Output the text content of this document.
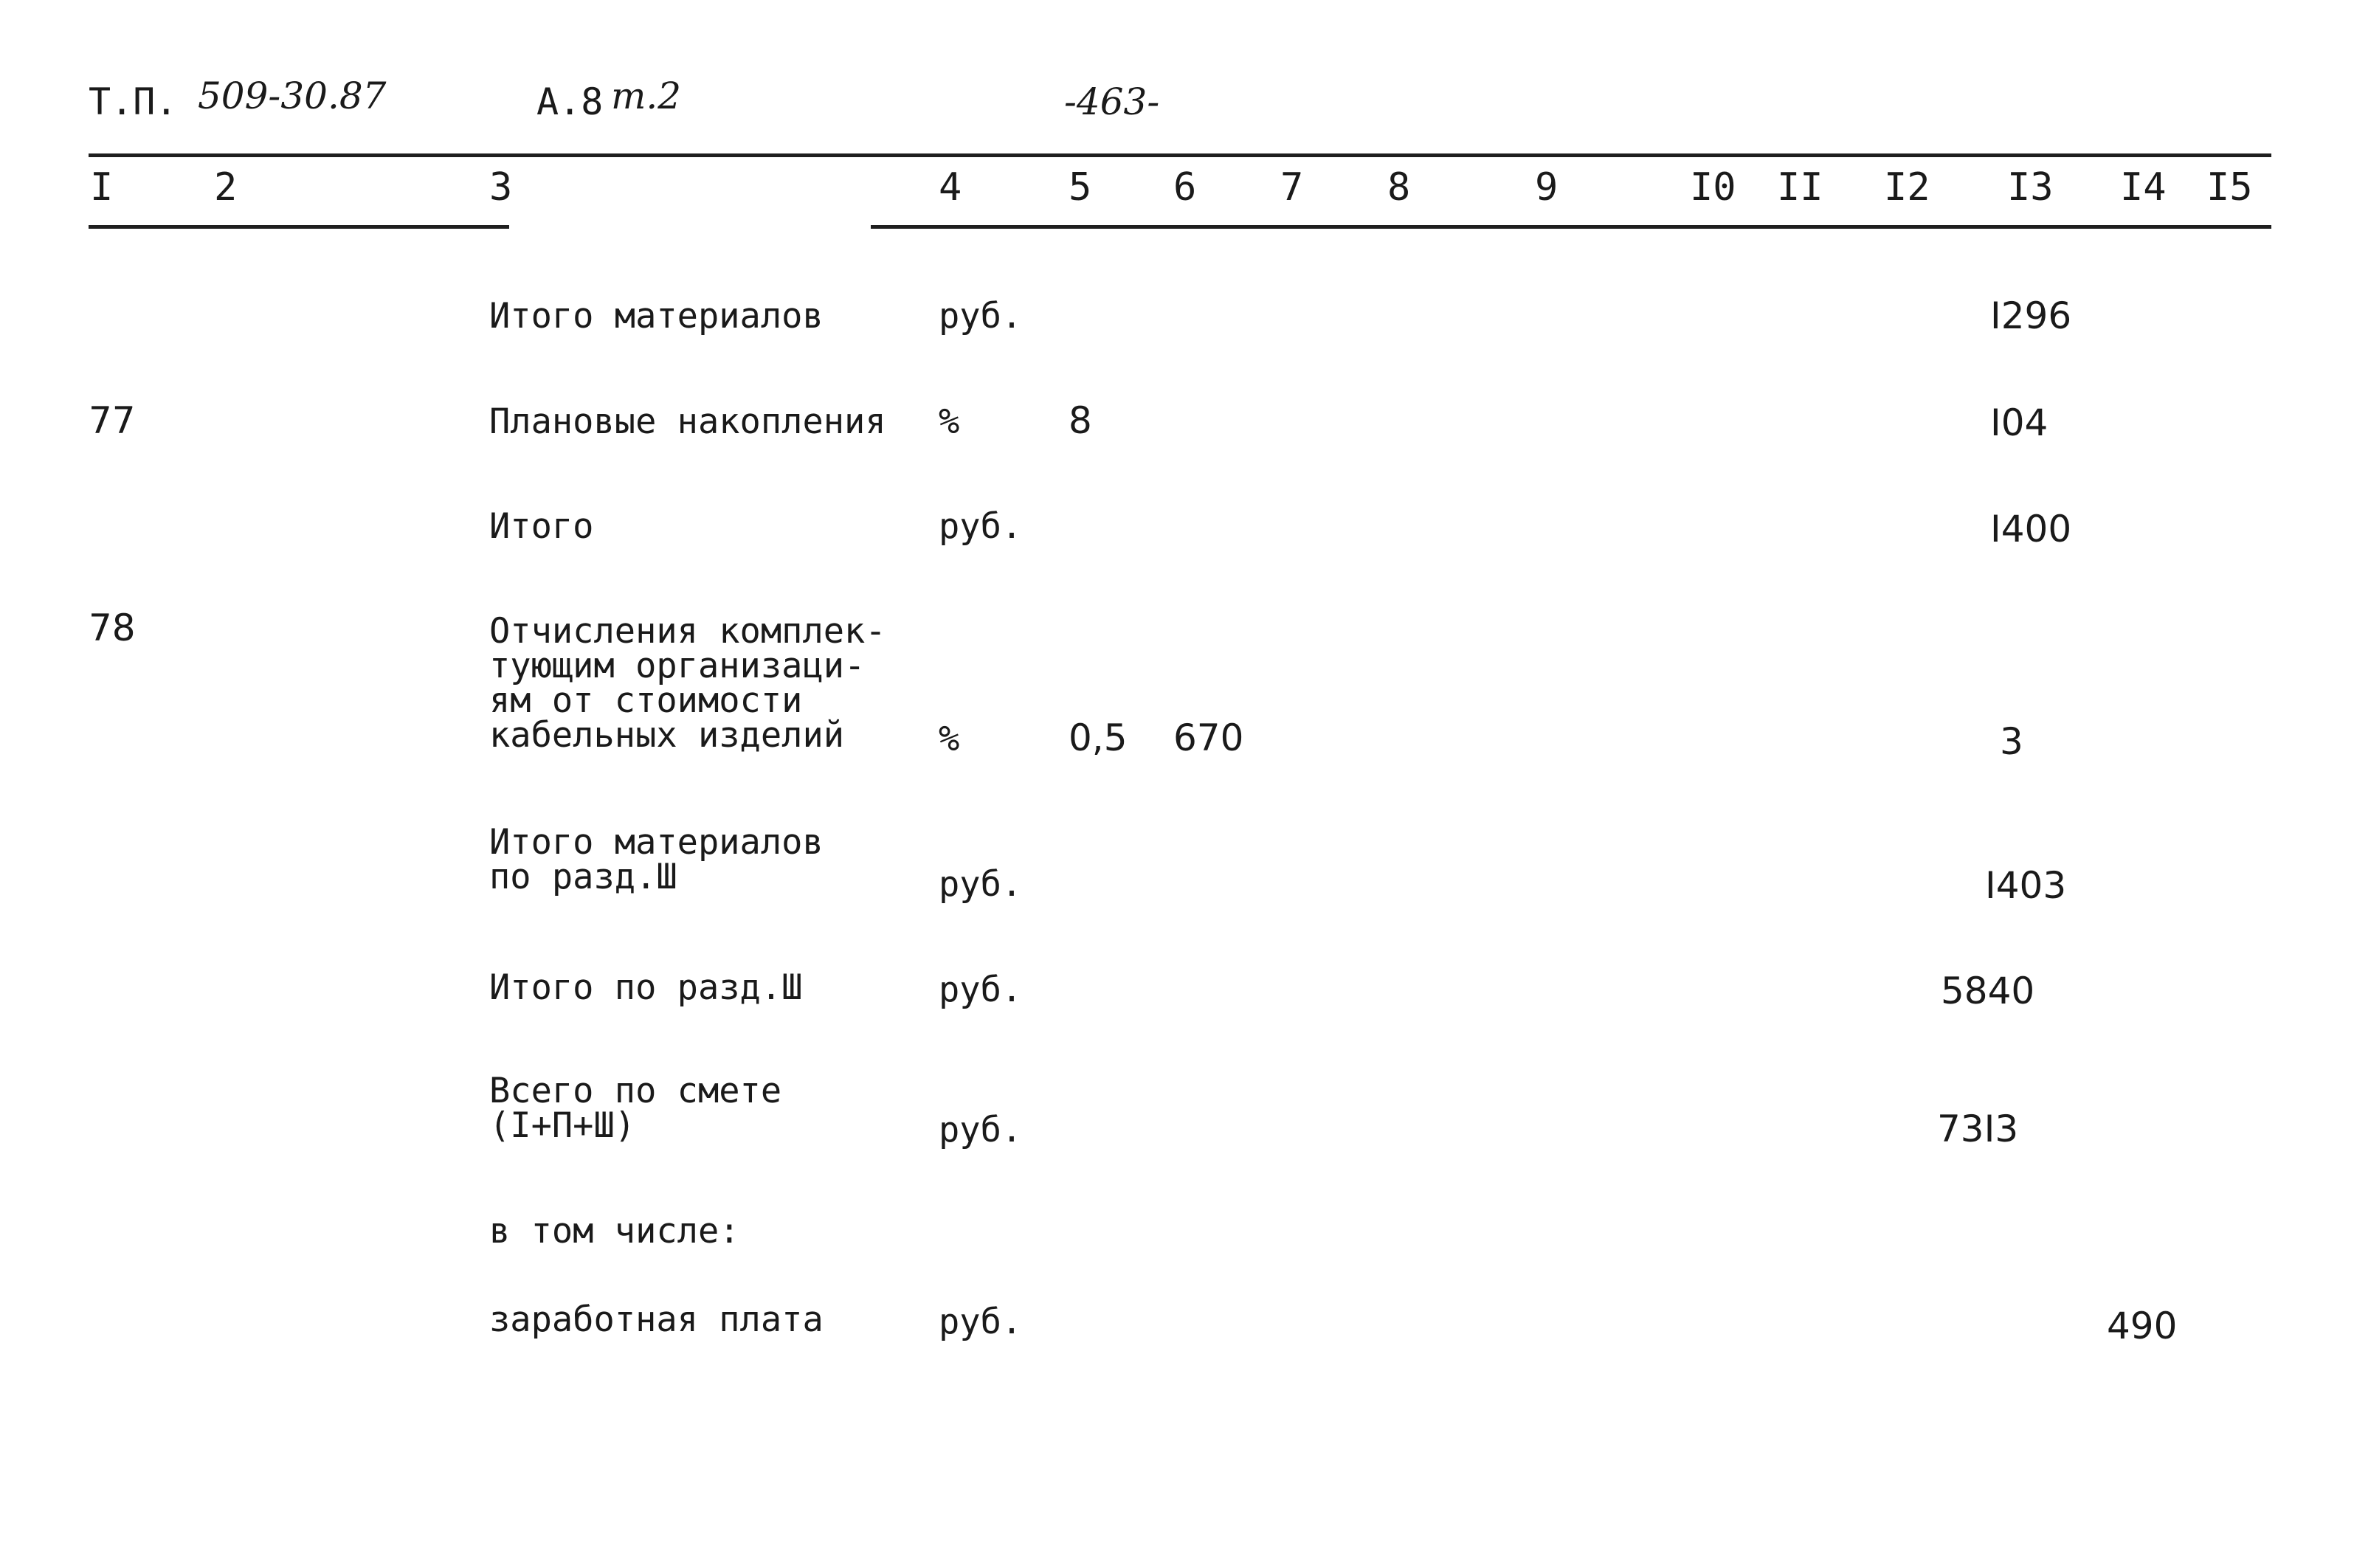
Т.П. 509-30.87	А.8 т.2	-463-
I	2	3	4	5 6 7 8	9	I0 II I2 I3 I4 I5
Итого материалов	руб.	I296
77	Плановые накопления %	8	I04
Итого	руб.	I400
78	Отчисления комплек-
тующим организаци-
ям от стоимости
кабельных изделий	%	0,5 670	3
Итого материалов
по разд.Ш	руб.	I403
Итого по разд.Ш	руб.	5840
Всего по смете
(I+П+Ш)	руб.	73I3
в том числе:
заработная плата	руб.	490
